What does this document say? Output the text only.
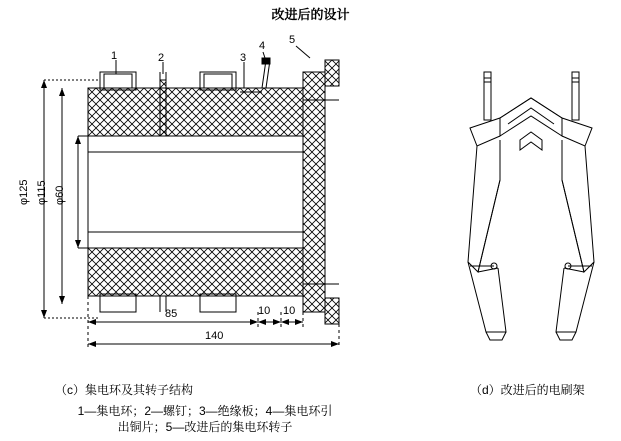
改进后的设计
1	2	3
4 5
φ125 φ115 φ60
85	10 10
140
（c）集电环及其转子结构	（d）改进后的电刷架
1—集电环；2—螺钉；3—绝缘板；4—集电环引
出铜片；5—改进后的集电环转子
